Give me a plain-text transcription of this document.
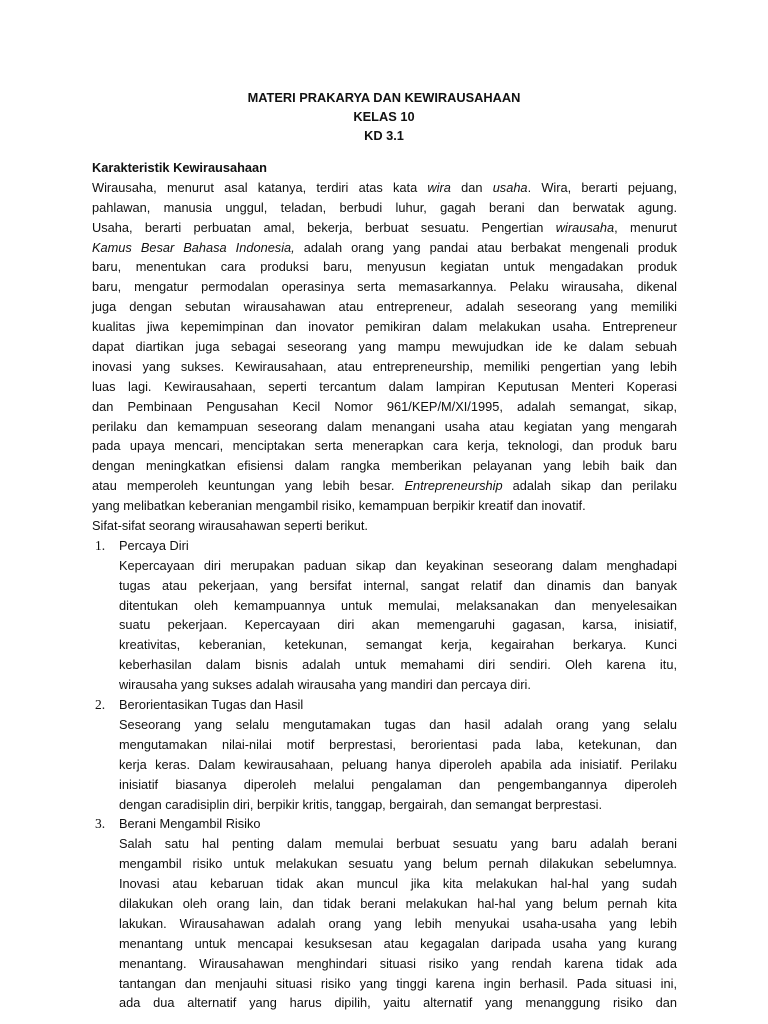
MATERI PRAKARYA DAN KEWIRAUSAHAAN
KELAS 10
KD 3.1
Karakteristik Kewirausahaan
Wirausaha, menurut asal katanya, terdiri atas kata wira dan usaha. Wira, berarti pejuang,
pahlawan, manusia unggul, teladan, berbudi luhur, gagah berani dan berwatak agung.
Usaha, berarti perbuatan amal, bekerja, berbuat sesuatu. Pengertian wirausaha, menurut
Kamus Besar Bahasa Indonesia, adalah orang yang pandai atau berbakat mengenali produk
baru, menentukan cara produksi baru, menyusun kegiatan untuk mengadakan produk
baru, mengatur permodalan operasinya serta memasarkannya. Pelaku wirausaha, dikenal
juga dengan sebutan wirausahawan atau entrepreneur, adalah seseorang yang memiliki
kualitas jiwa kepemimpinan dan inovator pemikiran dalam melakukan usaha. Entrepreneur
dapat diartikan juga sebagai seseorang yang mampu mewujudkan ide ke dalam sebuah
inovasi yang sukses. Kewirausahaan, atau entrepreneurship, memiliki pengertian yang lebih
luas lagi. Kewirausahaan, seperti tercantum dalam lampiran Keputusan Menteri Koperasi
dan Pembinaan Pengusahan Kecil Nomor 961/KEP/M/XI/1995, adalah semangat, sikap,
perilaku dan kemampuan seseorang dalam menangani usaha atau kegiatan yang mengarah
pada upaya mencari, menciptakan serta menerapkan cara kerja, teknologi, dan produk baru
dengan meningkatkan efisiensi dalam rangka memberikan pelayanan yang lebih baik dan
atau memperoleh keuntungan yang lebih besar. Entrepreneurship adalah sikap dan perilaku
yang melibatkan keberanian mengambil risiko, kemampuan berpikir kreatif dan inovatif.
Sifat-sifat seorang wirausahawan seperti berikut.
1. Percaya Diri
Kepercayaan diri merupakan paduan sikap dan keyakinan seseorang dalam menghadapi
tugas atau pekerjaan, yang bersifat internal, sangat relatif dan dinamis dan banyak
ditentukan oleh kemampuannya untuk memulai, melaksanakan dan menyelesaikan
suatu pekerjaan. Kepercayaan diri akan memengaruhi gagasan, karsa, inisiatif,
kreativitas, keberanian, ketekunan, semangat kerja, kegairahan berkarya. Kunci
keberhasilan dalam bisnis adalah untuk memahami diri sendiri. Oleh karena itu,
wirausaha yang sukses adalah wirausaha yang mandiri dan percaya diri.
2. Berorientasikan Tugas dan Hasil
Seseorang yang selalu mengutamakan tugas dan hasil adalah orang yang selalu
mengutamakan nilai-nilai motif berprestasi, berorientasi pada laba, ketekunan, dan
kerja keras. Dalam kewirausahaan, peluang hanya diperoleh apabila ada inisiatif. Perilaku
inisiatif biasanya diperoleh melalui pengalaman dan pengembangannya diperoleh
dengan caradisiplin diri, berpikir kritis, tanggap, bergairah, dan semangat berprestasi.
3. Berani Mengambil Risiko
Salah satu hal penting dalam memulai berbuat sesuatu yang baru adalah berani
mengambil risiko untuk melakukan sesuatu yang belum pernah dilakukan sebelumnya.
Inovasi atau kebaruan tidak akan muncul jika kita melakukan hal-hal yang sudah
dilakukan oleh orang lain, dan tidak berani melakukan hal-hal yang belum pernah kita
lakukan. Wirausahawan adalah orang yang lebih menyukai usaha-usaha yang lebih
menantang untuk mencapai kesuksesan atau kegagalan daripada usaha yang kurang
menantang. Wirausahawan menghindari situasi risiko yang rendah karena tidak ada
tantangan dan menjauhi situasi risiko yang tinggi karena ingin berhasil. Pada situasi ini,
ada dua alternatif yang harus dipilih, yaitu alternatif yang menanggung risiko dan
